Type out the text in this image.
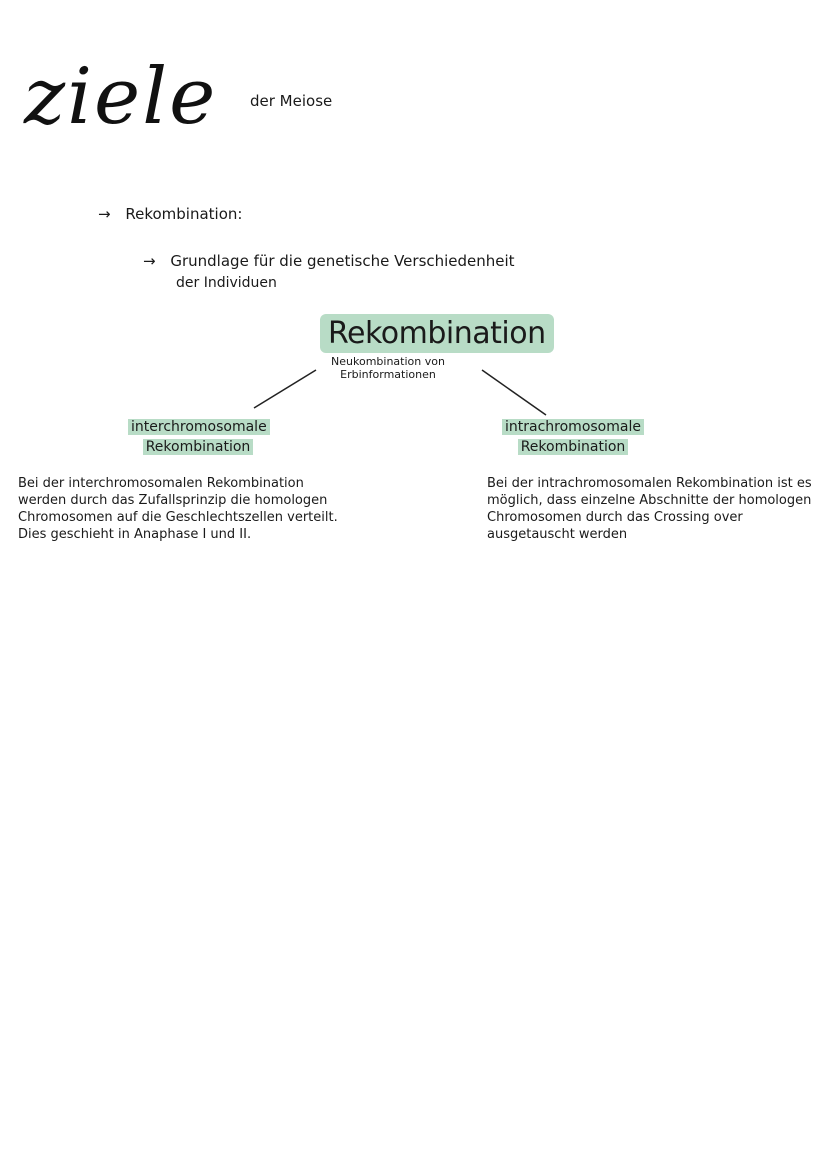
ziele der Meiose
→ Rekombination:
→ Grundlage für die genetische Verschiedenheit
der Individuen
Rekombination
Neukombination von Erbinformationen
interchromosomale
Rekombination
intrachromosomale
Rekombination
Bei der interchromosomalen Rekombination werden durch das Zufallsprinzip die homologen Chromosomen auf die Geschlechtszellen verteilt.
Dies geschieht in Anaphase I und II.
Bei der intrachromosomalen Rekombination ist es möglich, dass einzelne Abschnitte der homologen Chromosomen durch das Crossing over ausgetauscht werden
